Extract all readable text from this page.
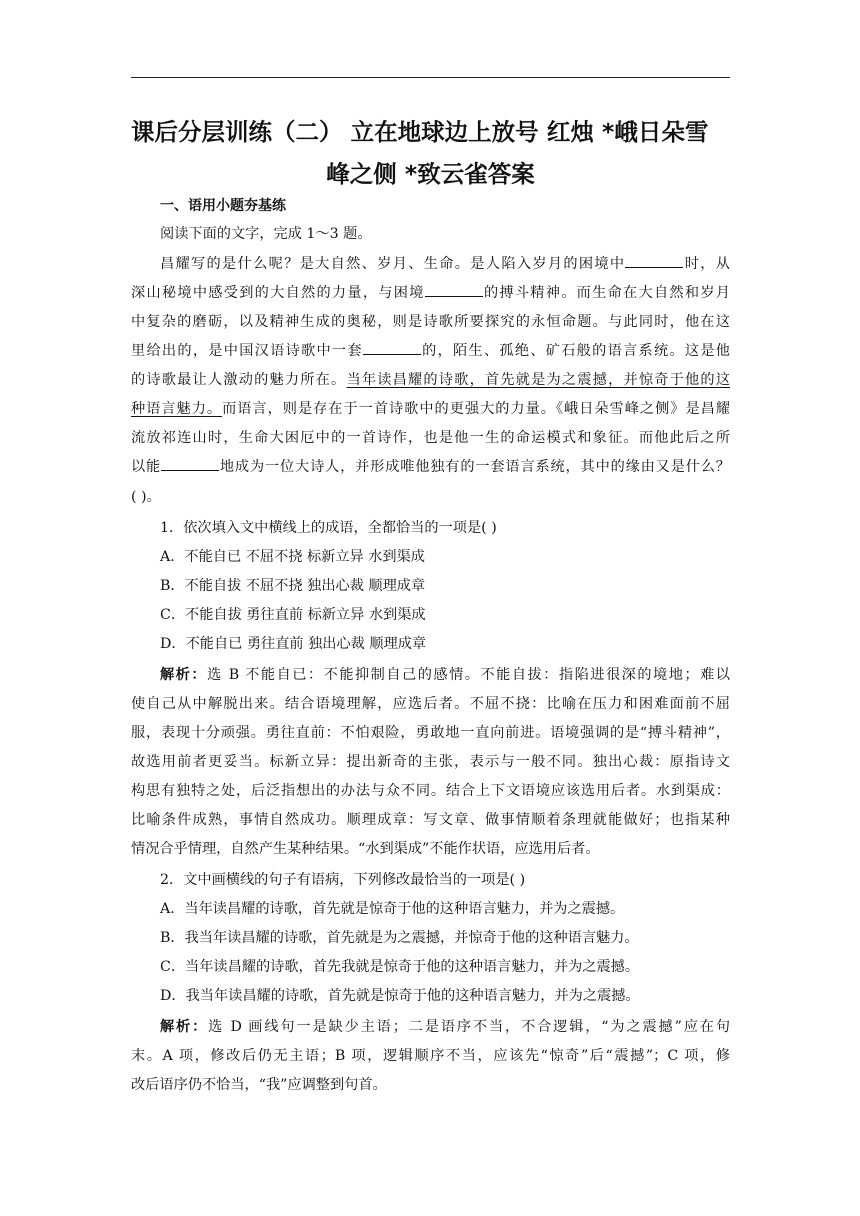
课后分层训练（二） 立在地球边上放号 红烛 *峨日朵雪
峰之侧 *致云雀答案
一、语用小题夯基练
阅读下面的文字，完成 1～3 题。
昌耀写的是什么呢？是大自然、岁月、生命。是人陷入岁月的困境中	时，从
深山秘境中感受到的大自然的力量，与困境	的搏斗精神。而生命在大自然和岁月
中复杂的磨砺，以及精神生成的奥秘，则是诗歌所要探究的永恒命题。与此同时，他在这
里给出的，是中国汉语诗歌中一套	的，陌生、孤绝、矿石般的语言系统。这是他
的诗歌最让人激动的魅力所在。当年读昌耀的诗歌，首先就是为之震撼，并惊奇于他的这
种语言魅力。而语言，则是存在于一首诗歌中的更强大的力量。《峨日朵雪峰之侧》是昌耀
流放祁连山时，生命大困厄中的一首诗作，也是他一生的命运模式和象征。而他此后之所
以能	地成为一位大诗人，并形成唯他独有的一套语言系统，其中的缘由又是什么？
( )。
1．依次填入文中横线上的成语，全都恰当的一项是( )
A．不能自已 不屈不挠 标新立异 水到渠成
B．不能自拔 不屈不挠 独出心裁 顺理成章
C．不能自拔 勇往直前 标新立异 水到渠成
D．不能自已 勇往直前 独出心裁 顺理成章
解析：选 B 不能自已：不能抑制自己的感情。不能自拔：指陷进很深的境地；难以
使自己从中解脱出来。结合语境理解，应选后者。不屈不挠：比喻在压力和困难面前不屈
服，表现十分顽强。勇往直前：不怕艰险，勇敢地一直向前进。语境强调的是“搏斗精神”，
故选用前者更妥当。标新立异：提出新奇的主张，表示与一般不同。独出心裁：原指诗文
构思有独特之处，后泛指想出的办法与众不同。结合上下文语境应该选用后者。水到渠成：
比喻条件成熟，事情自然成功。顺理成章：写文章、做事情顺着条理就能做好；也指某种
情况合乎情理，自然产生某种结果。“水到渠成”不能作状语，应选用后者。
2．文中画横线的句子有语病，下列修改最恰当的一项是( )
A．当年读昌耀的诗歌，首先就是惊奇于他的这种语言魅力，并为之震撼。
B．我当年读昌耀的诗歌，首先就是为之震撼，并惊奇于他的这种语言魅力。
C．当年读昌耀的诗歌，首先我就是惊奇于他的这种语言魅力，并为之震撼。
D．我当年读昌耀的诗歌，首先就是惊奇于他的这种语言魅力，并为之震撼。
解析：选 D 画线句一是缺少主语；二是语序不当，不合逻辑，“为之震撼”应在句
末。A 项，修改后仍无主语；B 项，逻辑顺序不当，应该先“惊奇”后“震撼”；C 项，修
改后语序仍不恰当，“我”应调整到句首。
